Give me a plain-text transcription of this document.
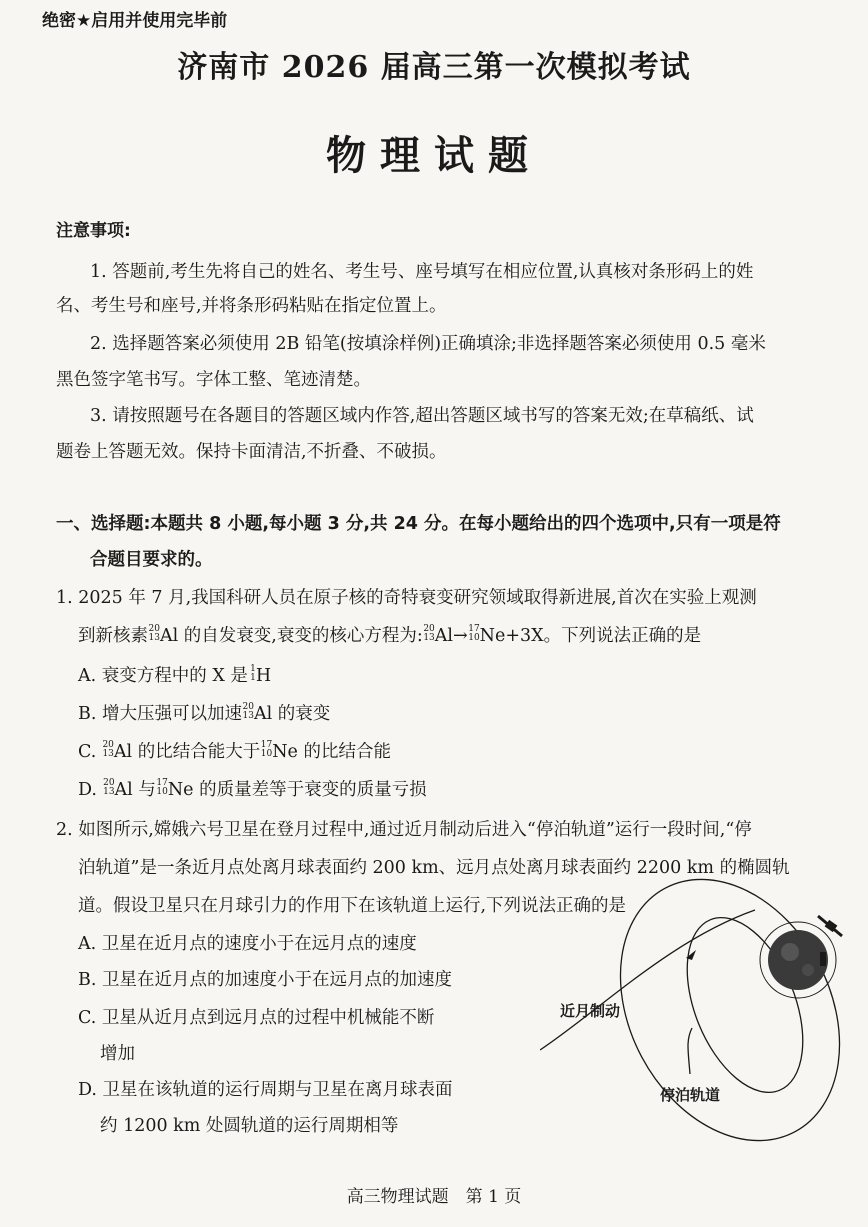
绝密★启用并使用完毕前
济南市 2026 届高三第一次模拟考试
物理试题
注意事项:
1. 答题前,考生先将自己的姓名、考生号、座号填写在相应位置,认真核对条形码上的姓
名、考生号和座号,并将条形码粘贴在指定位置上。
2. 选择题答案必须使用 2B 铅笔(按填涂样例)正确填涂;非选择题答案必须使用 0.5 毫米
黑色签字笔书写。字体工整、笔迹清楚。
3. 请按照题号在各题目的答题区域内作答,超出答题区域书写的答案无效;在草稿纸、试
题卷上答题无效。保持卡面清洁,不折叠、不破损。
一、选择题:本题共 8 小题,每小题 3 分,共 24 分。在每小题给出的四个选项中,只有一项是符
合题目要求的。
1. 2025 年 7 月,我国科研人员在原子核的奇特衰变研究领域取得新进展,首次在实验上观测
到新核素 20
13 Al 的自发衰变,衰变的核心方程为: 20
13 Al→ 17
10 Ne+3X。下列说法正确的是
A. 衰变方程中的 X 是 1
1 H
B. 增大压强可以加速 20
13 Al 的衰变
C. 20
13 Al 的比结合能大于 17
10 Ne 的比结合能
D. 20
13 Al 与 17
10 Ne 的质量差等于衰变的质量亏损
2. 如图所示,嫦娥六号卫星在登月过程中,通过近月制动后进入“停泊轨道”运行一段时间,“停
泊轨道”是一条近月点处离月球表面约 200 km、远月点处离月球表面约 2200 km 的椭圆轨
道。假设卫星只在月球引力的作用下在该轨道上运行,下列说法正确的是
A. 卫星在近月点的速度小于在远月点的速度
B. 卫星在近月点的加速度小于在远月点的加速度
C. 卫星从近月点到远月点的过程中机械能不断
增加
D. 卫星在该轨道的运行周期与卫星在离月球表面
约 1200 km 处圆轨道的运行周期相等
近月制动
停泊轨道
高三物理试题　第 1 页
